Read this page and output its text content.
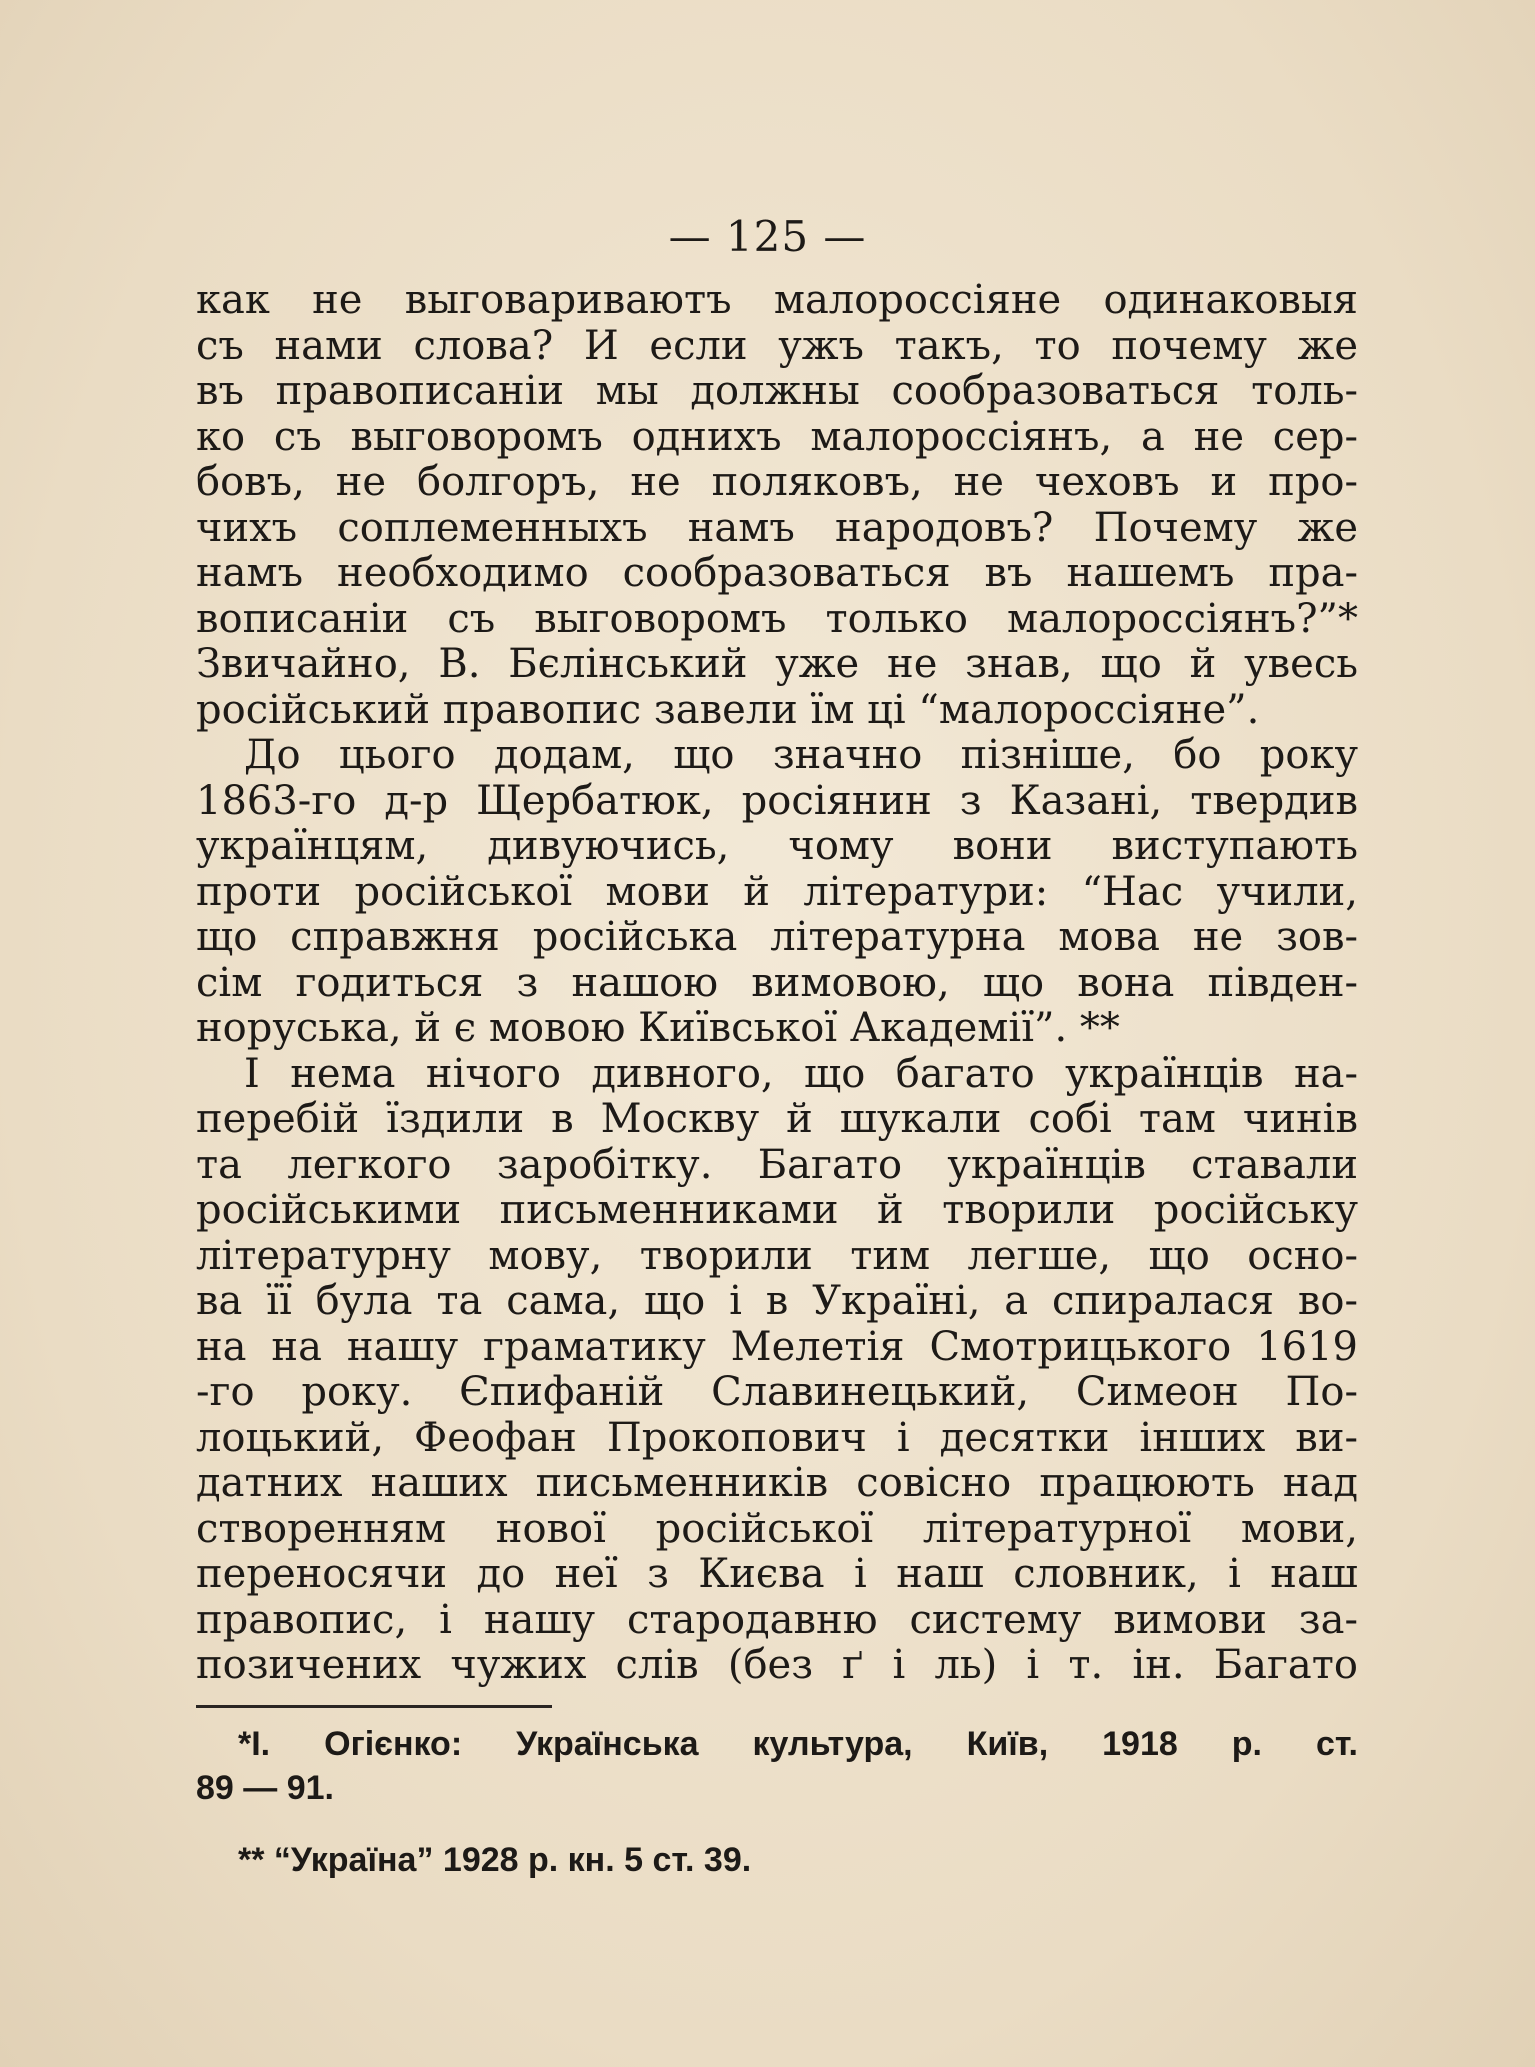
— 125 —
как не выговариваютъ малороссіяне одинаковыя
съ нами слова? И если ужъ такъ, то почему же
въ правописаніи мы должны сообразоваться толь-
ко съ выговоромъ однихъ малороссіянъ, а не сер-
бовъ, не болгоръ, не поляковъ, не чеховъ и про-
чихъ соплеменныхъ намъ народовъ? Почему же
намъ необходимо сообразоваться въ нашемъ пра-
вописаніи съ выговоромъ только малороссіянъ?”*
Звичайно, В. Бєлінський уже не знав, що й увесь
російський правопис завели їм ці “малороссіяне”.
До цього додам, що значно пізніше, бо року
1863-го д-р Щербатюк, росіянин з Казані, твердив
українцям, дивуючись, чому вони виступають
проти російської мови й літератури: “Нас учили,
що справжня російська літературна мова не зов-
сім годиться з нашою вимовою, що вона півден-
норуська, й є мовою Київської Академії”. **
І нема нічого дивного, що багато українців на-
перебій їздили в Москву й шукали собі там чинів
та легкого заробітку. Багато українців ставали
російськими письменниками й творили російську
літературну мову, творили тим легше, що осно-
ва її була та сама, що і в Україні, а спиралася во-
на на нашу граматику Мелетія Смотрицького 1619
-го року. Єпифаній Славинецький, Симеон По-
лоцький, Феофан Прокопович і десятки інших ви-
датних наших письменників совісно працюють над
створенням нової російської літературної мови,
переносячи до неї з Києва і наш словник, і наш
правопис, і нашу стародавню систему вимови за-
позичених чужих слів (без ґ і ль) і т. ін. Багато
*І. Огієнко: Українська культура, Київ, 1918 р. ст.
89 — 91.
** “Україна” 1928 р. кн. 5 ст. 39.
